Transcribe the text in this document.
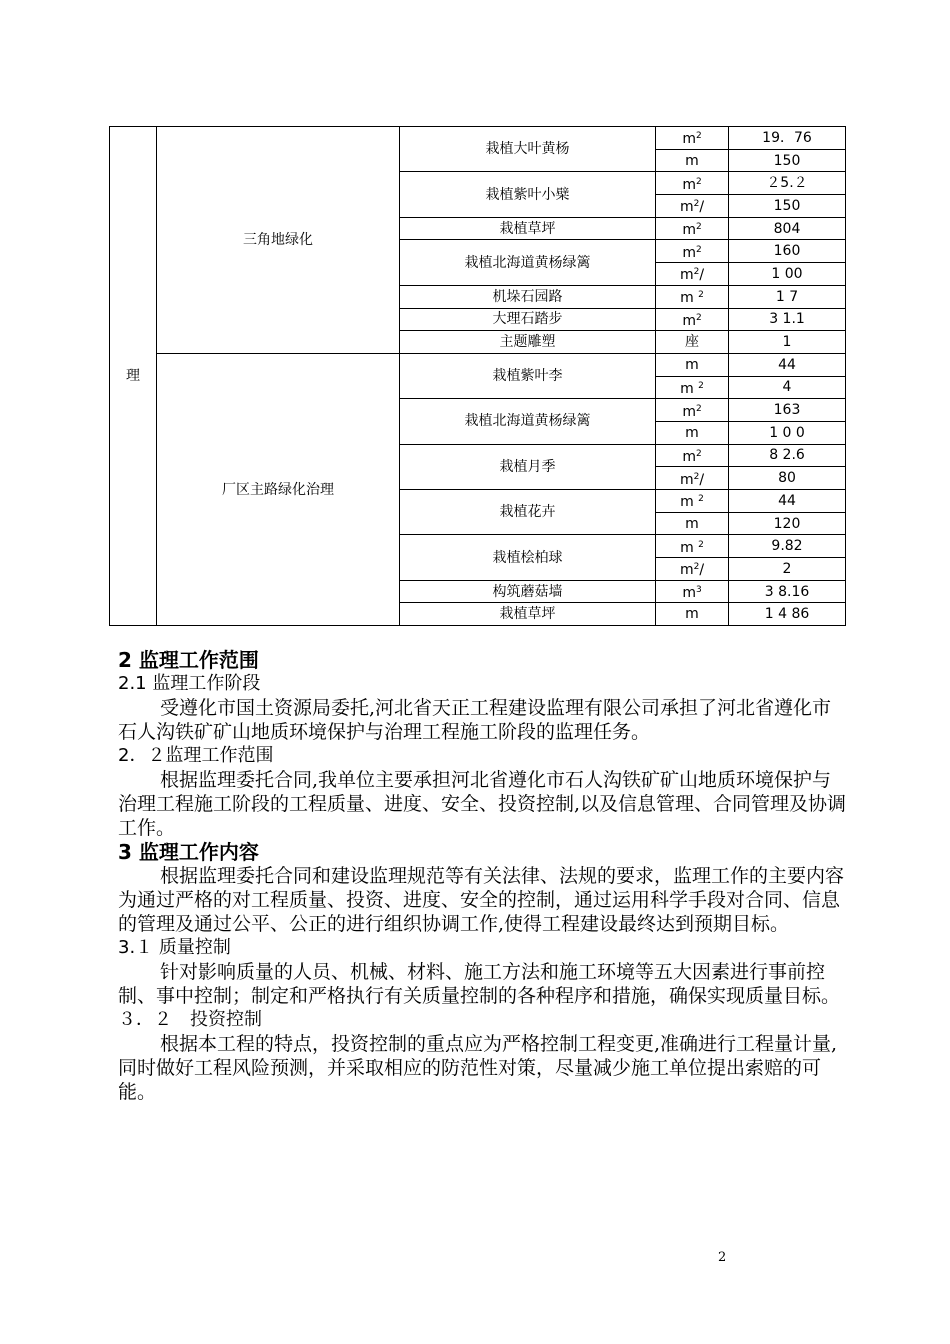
理	三角地绿化	栽植大叶黄杨	$m^2$	19．76
			m	150
		栽植紫叶小檗	$m^2$	２5.２
			$m^2/$	150
		栽植草坪	$m^2$	804
		栽植北海道黄杨绿篱	$m^2$	160
			$m^2/$	1 00
		机垛石园路	m $^2$	1 7
		大理石踏步	$m^2$	3 1.1
		主题雕塑	座	1
	厂区主路绿化治理	栽植紫叶李	m	44
			m $^2$	4
		栽植北海道黄杨绿篱	$m^2$	163
			m	1 0 0
		栽植月季	$m^2$	8 2.6
			$m^2/$	80
		栽植花卉	m $^2$	44
			m	120
		栽植桧柏球	m $^2$	9.82
			$m^2/$	2
		构筑蘑菇墙	$m^3$	3 8.16
		栽植草坪	m	1 4 86

2 监理工作范围

2.1 监理工作阶段

受遵化市国土资源局委托,河北省天正工程建设监理有限公司承担了河北省遵化市石人沟铁矿矿山地质环境保护与治理工程施工阶段的监理任务。

2．２监理工作范围

根据监理委托合同,我单位主要承担河北省遵化市石人沟铁矿矿山地质环境保护与治理工程施工阶段的工程质量、进度、安全、投资控制,以及信息管理、合同管理及协调工作。

3 监理工作内容

根据监理委托合同和建设监理规范等有关法律、法规的要求，监理工作的主要内容为通过严格的对工程质量、投资、进度、安全的控制，通过运用科学手段对合同、信息的管理及通过公平、公正的进行组织协调工作,使得工程建设最终达到预期目标。

3.１ 质量控制

针对影响质量的人员、机械、材料、施工方法和施工环境等五大因素进行事前控制、事中控制；制定和严格执行有关质量控制的各种程序和措施，确保实现质量目标。

３．２　投资控制

根据本工程的特点，投资控制的重点应为严格控制工程变更,准确进行工程量计量,同时做好工程风险预测，并采取相应的防范性对策，尽量减少施工单位提出索赔的可能。

2
